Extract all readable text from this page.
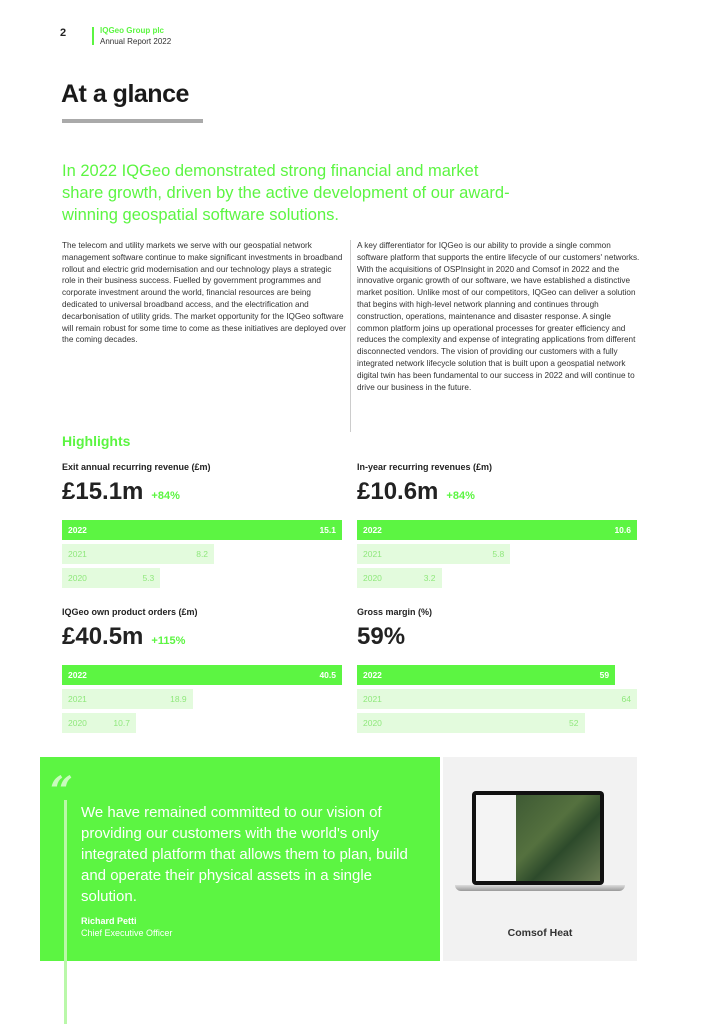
2	IQGeo Group plc
Annual Report 2022
At a glance
In 2022 IQGeo demonstrated strong financial and market share growth, driven by the active development of our award-winning geospatial software solutions.
The telecom and utility markets we serve with our geospatial network management software continue to make significant investments in broadband rollout and electric grid modernisation and our technology plays a strategic role in their business success. Fuelled by government programmes and corporate investment around the world, financial resources are being dedicated to universal broadband access, and the electrification and decarbonisation of utility grids. The market opportunity for the IQGeo software will remain robust for some time to come as these initiatives are deployed over the coming decades.
A key differentiator for IQGeo is our ability to provide a single common software platform that supports the entire lifecycle of our customers' networks. With the acquisitions of OSPInsight in 2020 and Comsof in 2022 and the innovative organic growth of our software, we have established a distinctive market position. Unlike most of our competitors, IQGeo can deliver a solution that begins with high-level network planning and continues through construction, operations, maintenance and disaster response. A single common platform joins up operational processes for greater efficiency and reduces the complexity and expense of integrating applications from different disconnected vendors. The vision of providing our customers with a fully integrated network lifecycle solution that is built upon a geospatial network digital twin has been fundamental to our success in 2022 and will continue to drive our business in the future.
Highlights
Exit annual recurring revenue (£m)
£15.1m +84%
2022	15.1
2021	8.2
2020	5.3
In-year recurring revenues (£m)
£10.6m +84%
2022	10.6
2021	5.8
2020	3.2
IQGeo own product orders (£m)
£40.5m +115%
2022	40.5
2021	18.9
2020	10.7
Gross margin (%)
59%
2022	59
2021	64
2020	52
“ We have remained committed to our vision of providing our customers with the world's only integrated platform that allows them to plan, build and operate their physical assets in a single solution.
Richard Petti
Chief Executive Officer	Comsof Heat
